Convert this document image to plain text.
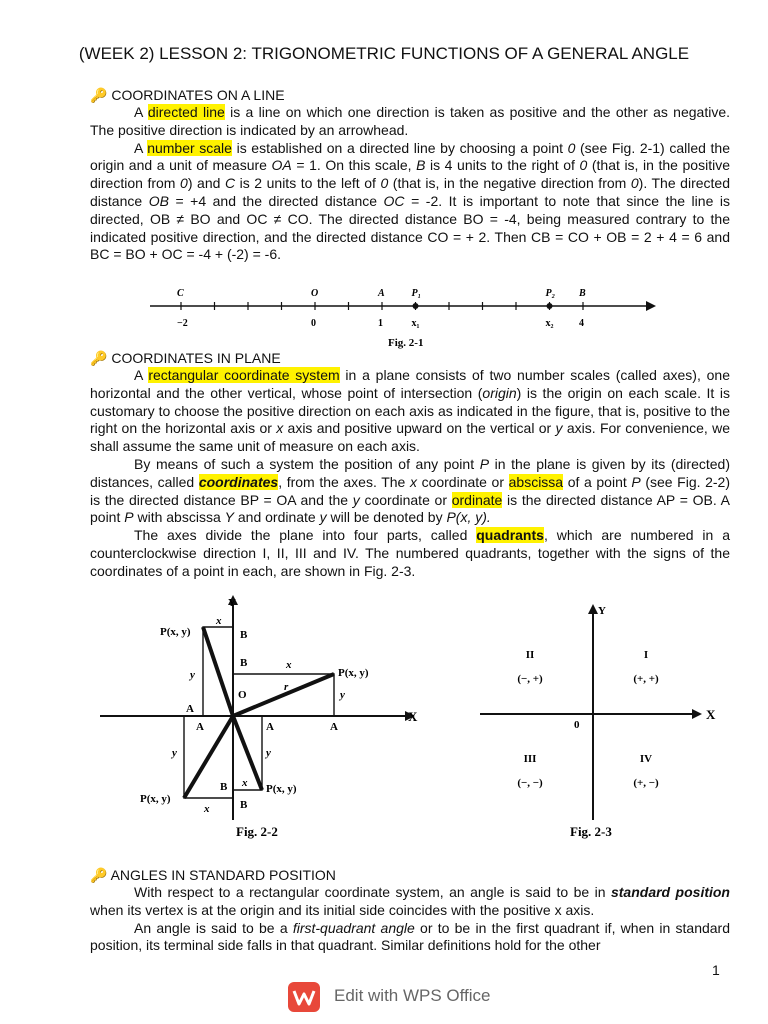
(WEEK 2) LESSON 2: TRIGONOMETRIC FUNCTIONS OF A GENERAL ANGLE
🔑 COORDINATES ON A LINE

A directed line is a line on which one direction is taken as positive and the other as negative. The positive direction is indicated by an arrowhead.

A number scale is established on a directed line by choosing a point 0 (see Fig. 2-1) called the origin and a unit of measure OA = 1. On this scale, B is 4 units to the right of 0 (that is, in the positive direction from 0) and C is 2 units to the left of 0 (that is, in the negative direction from 0). The directed distance OB = +4 and the directed distance OC = -2. It is important to note that since the line is directed, OB ≠ BO and OC ≠ CO. The directed distance BO = -4, being measured contrary to the indicated positive direction, and the directed distance CO = + 2. Then CB = CO + OB = 2 + 4 = 6 and BC = BO + OC = -4 + (-2) = -6.

C
−2
O
0
A
1
P₁
x₁
P₂
x₂
B
4
Fig. 2-1
🔑 COORDINATES IN PLANE

A rectangular coordinate system in a plane consists of two number scales (called axes), one horizontal and the other vertical, whose point of intersection (origin) is the origin on each scale. It is customary to choose the positive direction on each axis as indicated in the figure, that is, positive to the right on the horizontal axis or x axis and positive upward on the vertical or y axis. For convenience, we shall assume the same unit of measure on each axis.

By means of such a system the position of any point P in the plane is given by its (directed) distances, called coordinates, from the axes. The x coordinate or abscissa of a point P (see Fig. 2-2) is the directed distance BP = OA and the y coordinate or ordinate is the directed distance AP = OB. A point P with abscissa Y and ordinate y will be denoted by P(x, y).

The axes divide the plane into four parts, called quadrants, which are numbered in a counterclockwise direction I, II, III and IV. The numbered quadrants, together with the signs of the coordinates of a point in each, are shown in Fig. 2-3.

Y
X
O
P(x, y)
P(x, y)
P(x, y)
P(x, y)
B
B
B
B
A
A	A	A
x
x
x
x
y
y
y	y
r
Fig. 2-2
Y
X
0
I
(+, +)
II
(−, +)
III
(−, −)
IV
(+, −)
Fig. 2-3
🔑 ANGLES IN STANDARD POSITION

With respect to a rectangular coordinate system, an angle is said to be in standard position when its vertex is at the origin and its initial side coincides with the positive x axis.

An angle is said to be a first-quadrant angle or to be in the first quadrant if, when in standard position, its terminal side falls in that quadrant. Similar definitions hold for the other

1
Edit with WPS Office
